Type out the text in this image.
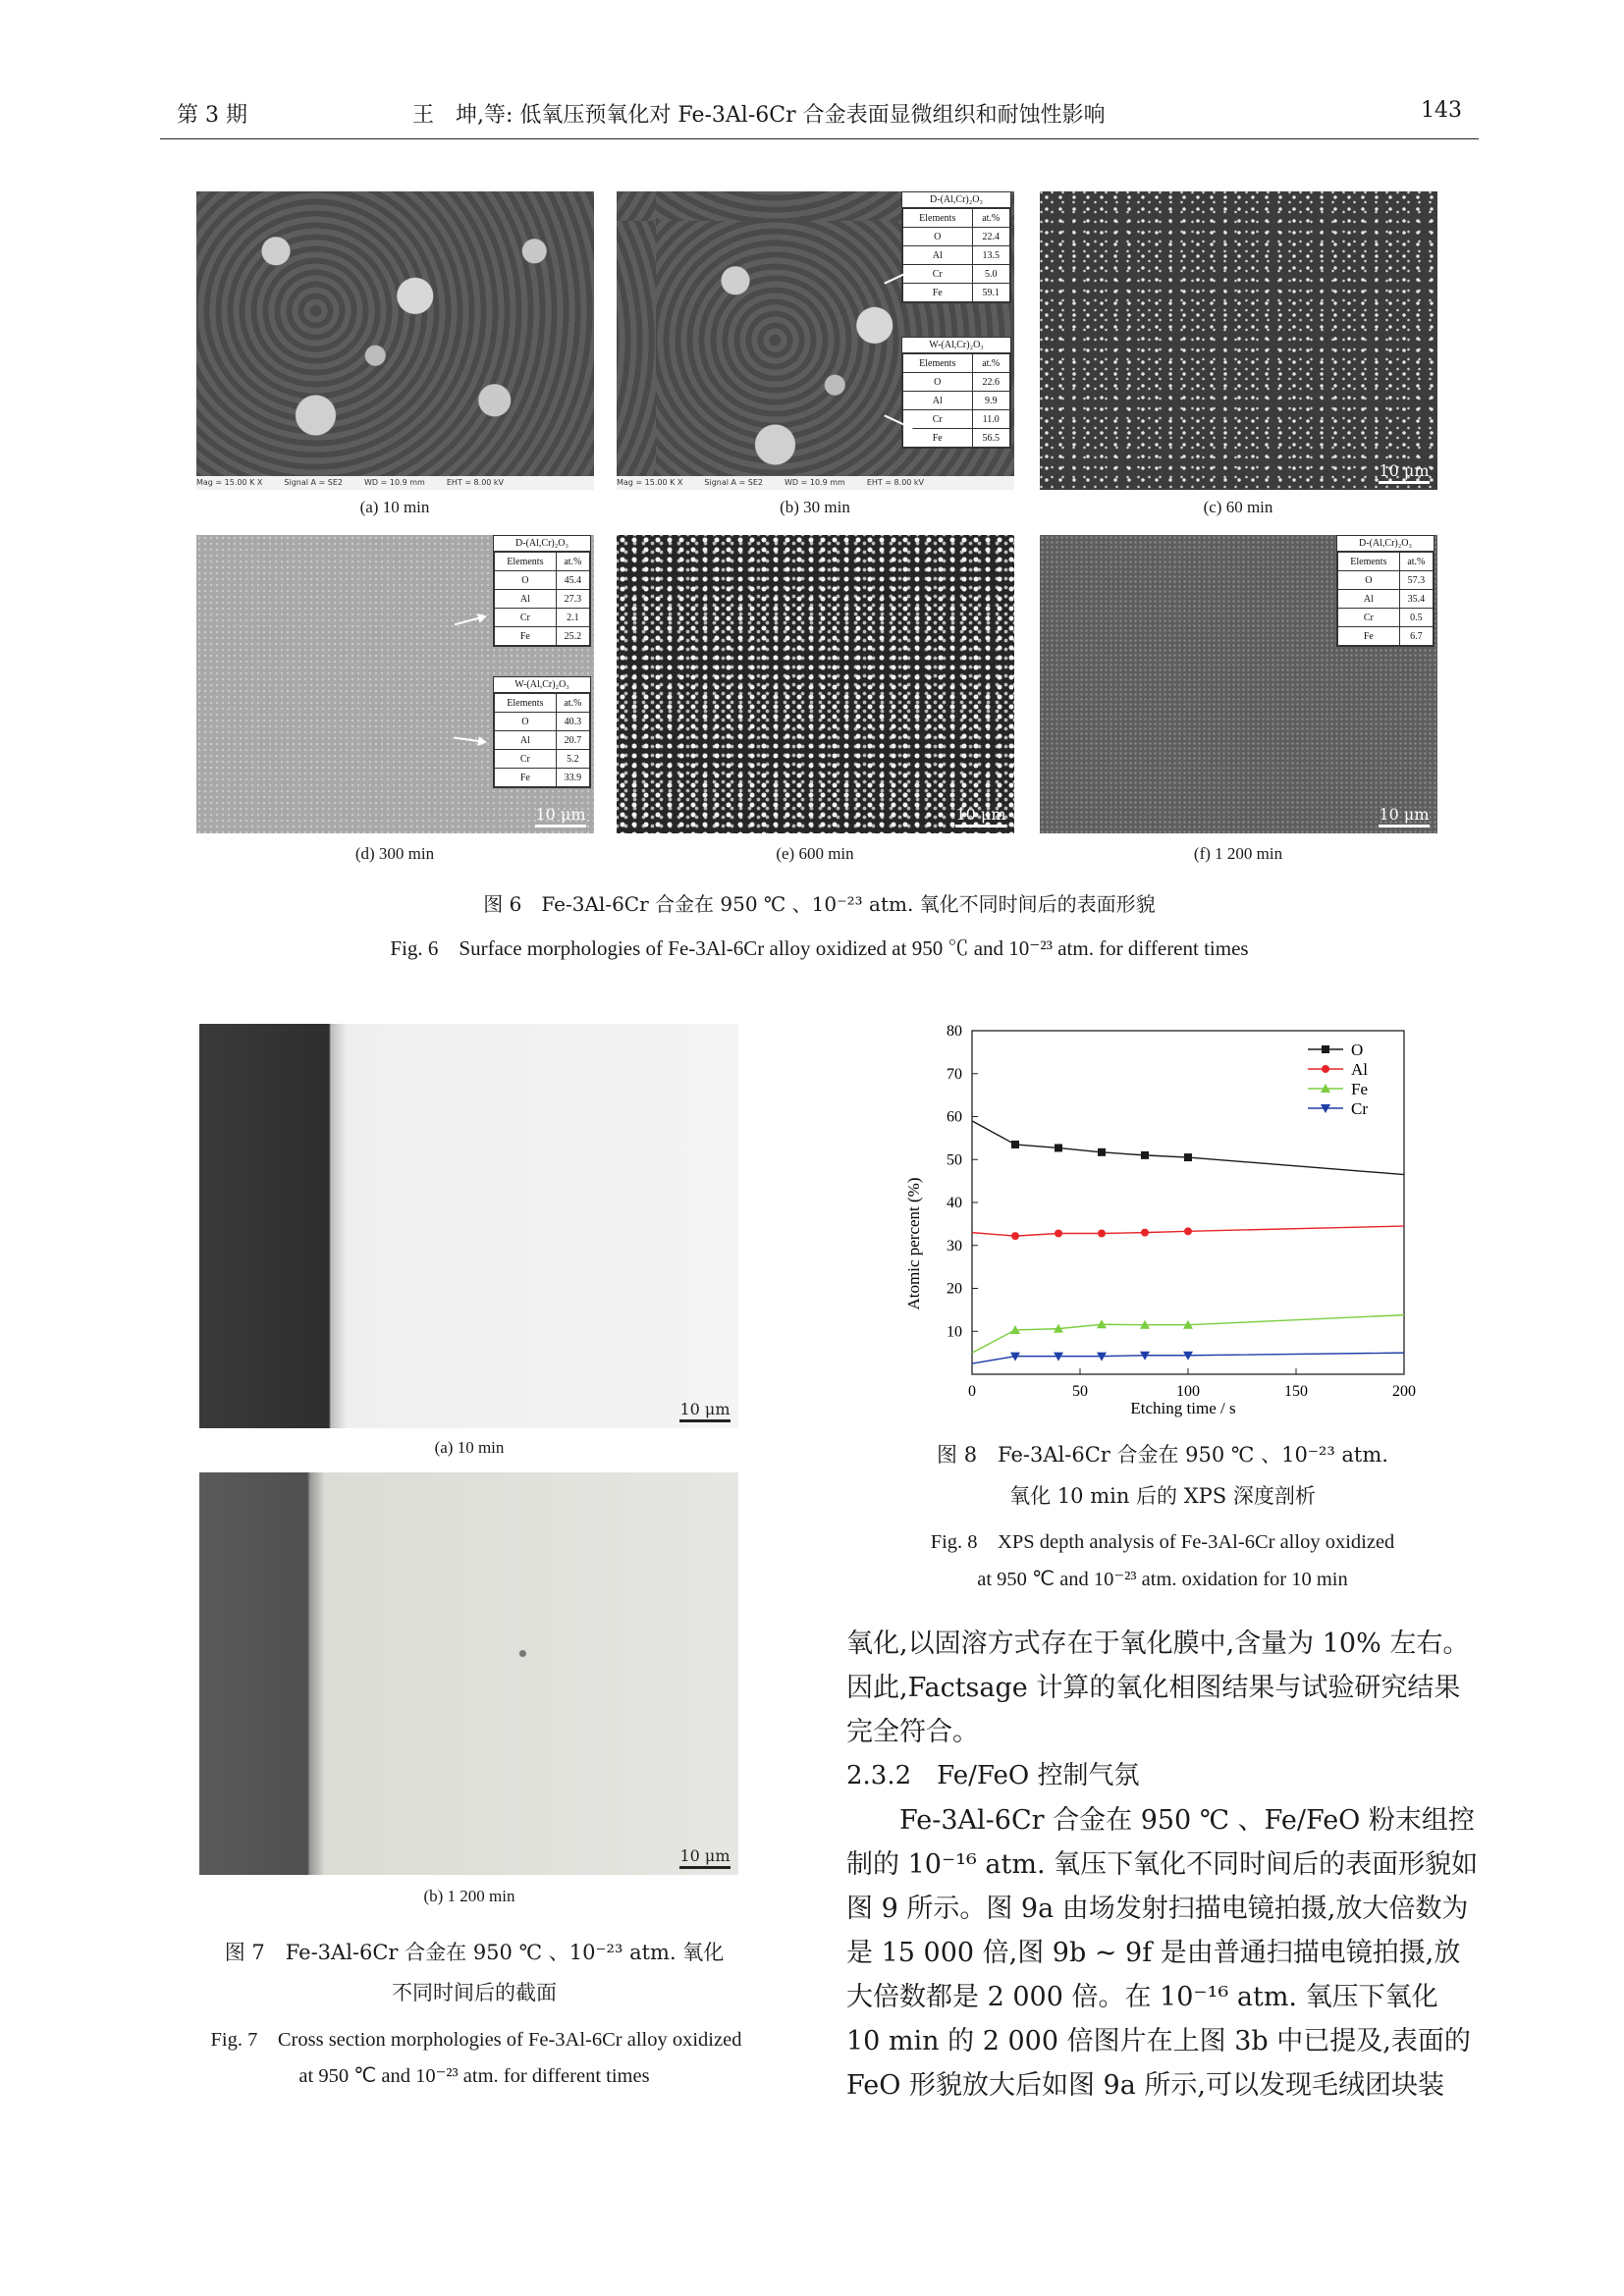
第 3 期	王　坤,等: 低氧压预氧化对 Fe-3Al-6Cr 合金表面显微组织和耐蚀性影响	143
Mag = 15.00 K X	Signal A = SE2	WD = 10.9 mm	EHT = 8.00 kV
(a) 10 min
D-(Al,Cr)₂O₃
Elements	at.%
O	22.4
Al	13.5
Cr	5.0
Fe	59.1
W-(Al,Cr)₂O₃
Elements	at.%
O	22.6
Al	9.9
Cr	11.0
Fe	56.5
Mag = 15.00 K X	Signal A = SE2	WD = 10.9 mm	EHT = 8.00 kV
(b) 30 min
10 μm
(c) 60 min
D-(Al,Cr)₂O₃
Elements	at.%
O	45.4
Al	27.3
Cr	2.1
Fe	25.2
W-(Al,Cr)₂O₃
Elements	at.%
O	40.3
Al	20.7
Cr	5.2
Fe	33.9
10 μm
(d) 300 min
10 μm
(e) 600 min
D-(Al,Cr)₂O₃
Elements	at.%
O	57.3
Al	35.4
Cr	0.5
Fe	6.7
10 μm
(f) 1 200 min
图 6　Fe-3Al-6Cr 合金在 950 ℃ 、10⁻²³ atm. 氧化不同时间后的表面形貌
Fig. 6　Surface morphologies of Fe-3Al-6Cr alloy oxidized at 950 ℃ and 10⁻²³ atm. for different times
10 μm
(a) 10 min
10 μm
(b) 1 200 min
图 7　Fe-3Al-6Cr 合金在 950 ℃ 、10⁻²³ atm. 氧化
不同时间后的截面
Fig. 7　Cross section morphologies of Fe-3Al-6Cr alloy oxidized
at 950 ℃ and 10⁻²³ atm. for different times
0	50	100	150	200
10
20
30
40
50
60
70
80
O
Al
Fe
Cr
Etching time / s
Atomic percent (%)
图 8　Fe-3Al-6Cr 合金在 950 ℃ 、10⁻²³ atm.
氧化 10 min 后的 XPS 深度剖析
Fig. 8　XPS depth analysis of Fe-3Al-6Cr alloy oxidized
at 950 ℃ and 10⁻²³ atm. oxidation for 10 min

氧化,以固溶方式存在于氧化膜中,含量为 10% 左右。因此,Factsage 计算的氧化相图结果与试验研究结果完全符合。

2.3.2　Fe/FeO 控制气氛

Fe-3Al-6Cr 合金在 950 ℃ 、Fe/FeO 粉末组控制的 10⁻¹⁶ atm. 氧压下氧化不同时间后的表面形貌如图 9 所示。图 9a 由场发射扫描电镜拍摄,放大倍数为是 15 000 倍,图 9b ~ 9f 是由普通扫描电镜拍摄,放大倍数都是 2 000 倍。在 10⁻¹⁶ atm. 氧压下氧化 10 min 的 2 000 倍图片在上图 3b 中已提及,表面的 FeO 形貌放大后如图 9a 所示,可以发现毛绒团块装
